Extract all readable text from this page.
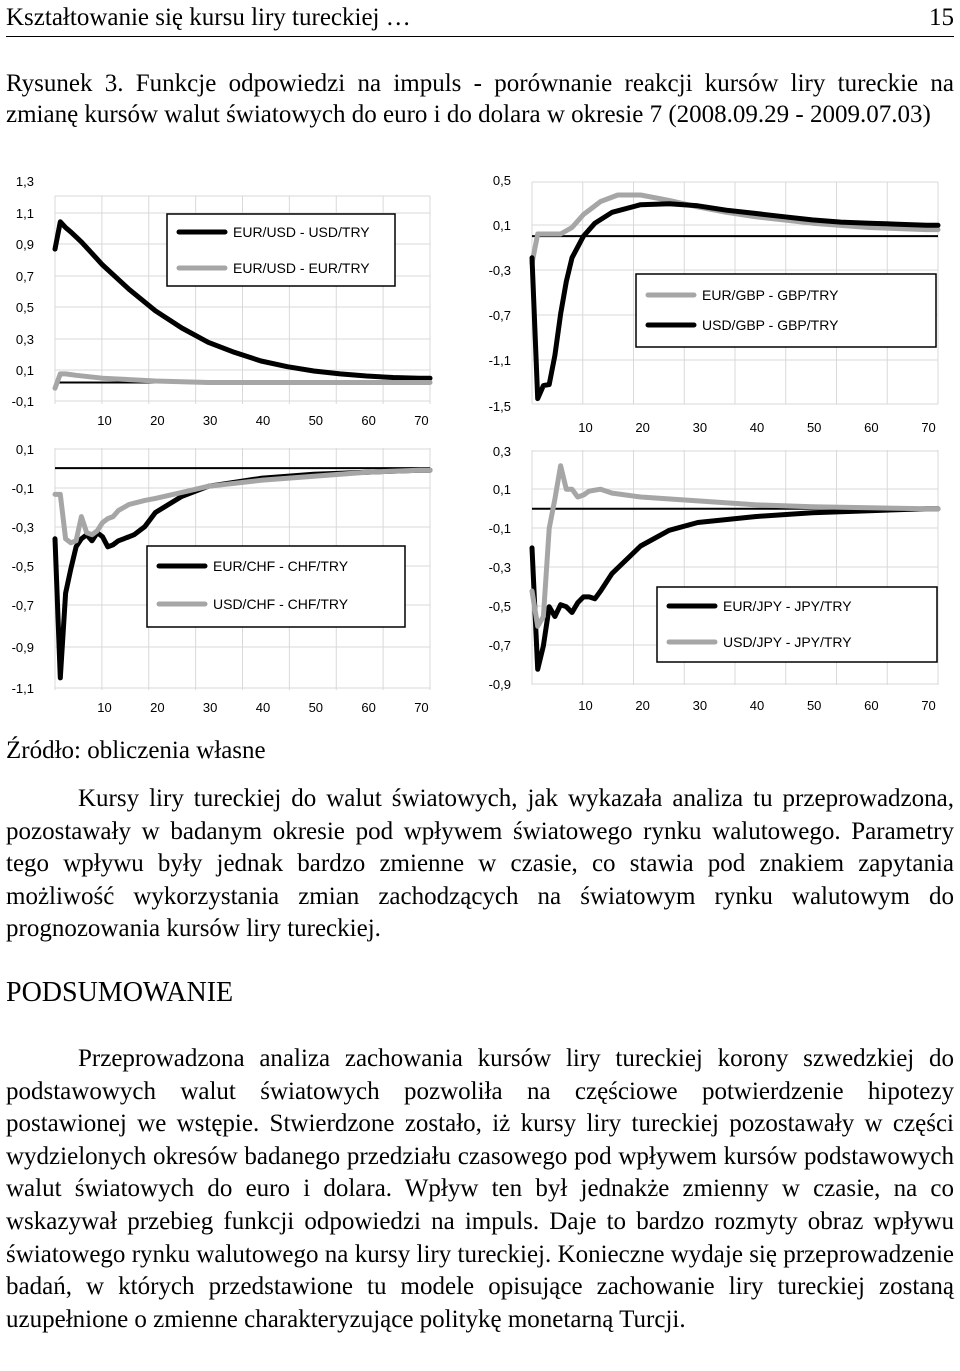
Kształtowanie się kursu liry tureckiej …	15
Rysunek 3. Funkcje odpowiedzi na impuls - porównanie reakcji kursów liry tureckie na zmianę kursów walut światowych do euro i do dolara w okresie 7 (2008.09.29 - 2009.07.03)
1,3
1,1
0,9
0,7
0,5
0,3
0,1
-0,1
10	20	30	40	50	60	70
EUR/USD - USD/TRY
EUR/USD - EUR/TRY
0,5
0,1
-0,3
-0,7
-1,1
-1,5
10	20	30	40	50	60	70
EUR/GBP - GBP/TRY
USD/GBP - GBP/TRY
0,1
-0,1
-0,3
-0,5
-0,7
-0,9
-1,1
10	20	30	40	50	60	70
EUR/CHF - CHF/TRY
USD/CHF - CHF/TRY
0,3
0,1
-0,1
-0,3
-0,5
-0,7
-0,9
10	20	30	40	50	60	70
EUR/JPY - JPY/TRY
USD/JPY - JPY/TRY
Źródło: obliczenia własne
Kursy liry tureckiej do walut światowych, jak wykazała analiza tu przeprowadzona, pozostawały w badanym okresie pod wpływem światowego rynku walutowego. Parametry tego wpływu były jednak bardzo zmienne w czasie, co stawia pod znakiem zapytania możliwość wykorzystania zmian zachodzących na światowym rynku walutowym do prognozowania kursów liry tureckiej.
PODSUMOWANIE
Przeprowadzona analiza zachowania kursów liry tureckiej korony szwedzkiej do podstawowych walut światowych pozwoliła na częściowe potwierdzenie hipotezy postawionej we wstępie. Stwierdzone zostało, iż kursy liry tureckiej pozostawały w części wydzielonych okresów badanego przedziału czasowego pod wpływem kursów podstawowych walut światowych do euro i dolara. Wpływ ten był jednakże zmienny w czasie, na co wskazywał przebieg funkcji odpowiedzi na impuls. Daje to bardzo rozmyty obraz wpływu światowego rynku walutowego na kursy liry tureckiej. Konieczne wydaje się przeprowadzenie badań, w których przedstawione tu modele opisujące zachowanie liry tureckiej zostaną uzupełnione o zmienne charakteryzujące politykę monetarną Turcji.
